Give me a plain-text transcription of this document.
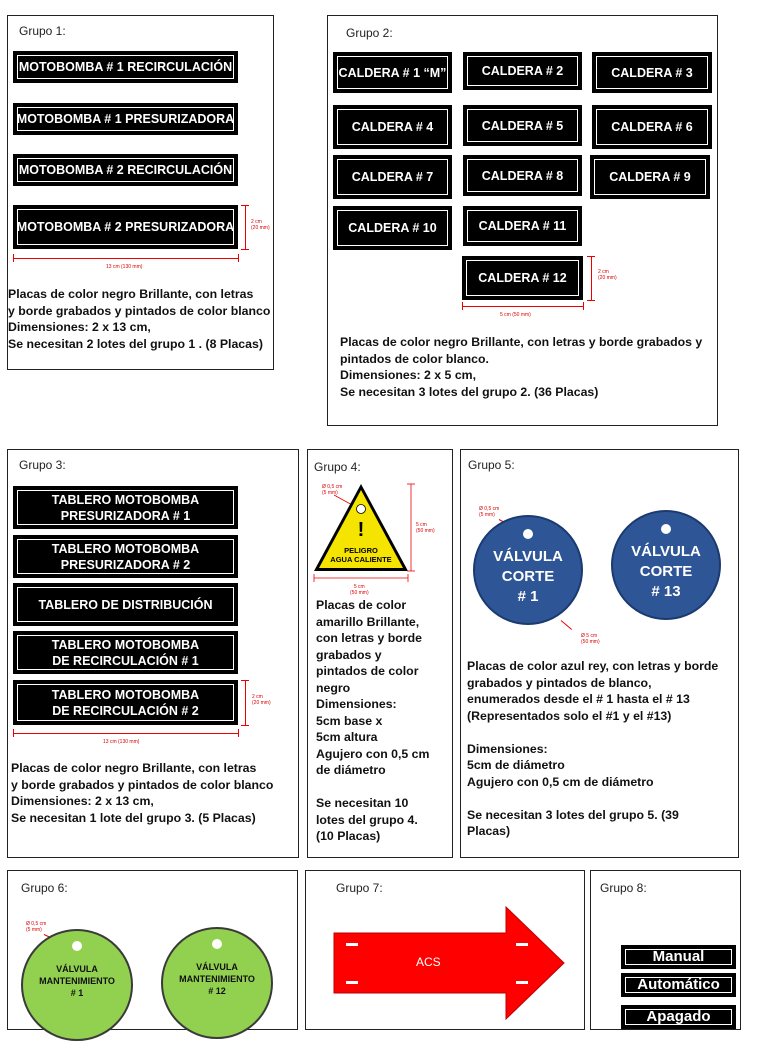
Grupo 1:
MOTOBOMBA # 1 RECIRCULACIÓN
MOTOBOMBA # 1 PRESURIZADORA
MOTOBOMBA # 2 RECIRCULACIÓN
MOTOBOMBA # 2 PRESURIZADORA	2 cm
(20 mm)
13 cm (130 mm)
Placas de color negro Brillante, con letras
y borde grabados y pintados de color blanco
Dimensiones: 2 x 13 cm,
Se necesitan 2 lotes del grupo 1 . (8 Placas)
Grupo 2:
CALDERA # 1 “M”	CALDERA # 2	CALDERA # 3
CALDERA # 4	CALDERA # 5	CALDERA # 6
CALDERA # 7	CALDERA # 8	CALDERA # 9
CALDERA # 10	CALDERA # 11
CALDERA # 12	2 cm
(20 mm)
5 cm (50 mm)
Placas de color negro Brillante, con letras y borde grabados y
pintados de color blanco.
Dimensiones: 2 x 5 cm,
Se necesitan 3 lotes del grupo 2. (36 Placas)
Grupo 3:
TABLERO MOTOBOMBA
PRESURIZADORA # 1
TABLERO MOTOBOMBA
PRESURIZADORA # 2
TABLERO DE DISTRIBUCIÓN
TABLERO MOTOBOMBA
DE RECIRCULACIÓN # 1
TABLERO MOTOBOMBA
DE RECIRCULACIÓN # 2
2 cm
(20 mm)
13 cm (130 mm)
Placas de color negro Brillante, con letras
y borde grabados y pintados de color blanco
Dimensiones: 2 x 13 cm,
Se necesitan 1 lote del grupo 3. (5 Placas)
Grupo 4:
Ø 0,5 cm
(5 mm)
!
PELIGRO
AGUA CALIENTE
5 cm
(50 mm)
5 cm
(50 mm)
Placas de color
amarillo Brillante,
con letras y borde
grabados y
pintados de color
negro
Dimensiones:
5cm base x
5cm altura
Agujero con 0,5 cm
de diámetro

Se necesitan 10
lotes del grupo 4.
(10 Placas)
Grupo 5:
Ø 0,5 cm
(5 mm)
VÁLVULA
CORTE
# 1
VÁLVULA
CORTE
# 13
Ø 5 cm
(50 mm)
Placas de color azul rey, con letras y borde
grabados y pintados de blanco,
enumerados desde el # 1 hasta el # 13
(Representados solo el #1 y el #13)

Dimensiones:
5cm de diámetro
Agujero con 0,5 cm de diámetro

Se necesitan 3 lotes del grupo 5. (39
Placas)
Grupo 6:
Ø 0,5 cm
(5 mm)
VÁLVULA
MANTENIMIENTO
# 1
VÁLVULA
MANTENIMIENTO
# 12
Grupo 7:
ACS
Grupo 8:
Manual
Automático
Apagado
